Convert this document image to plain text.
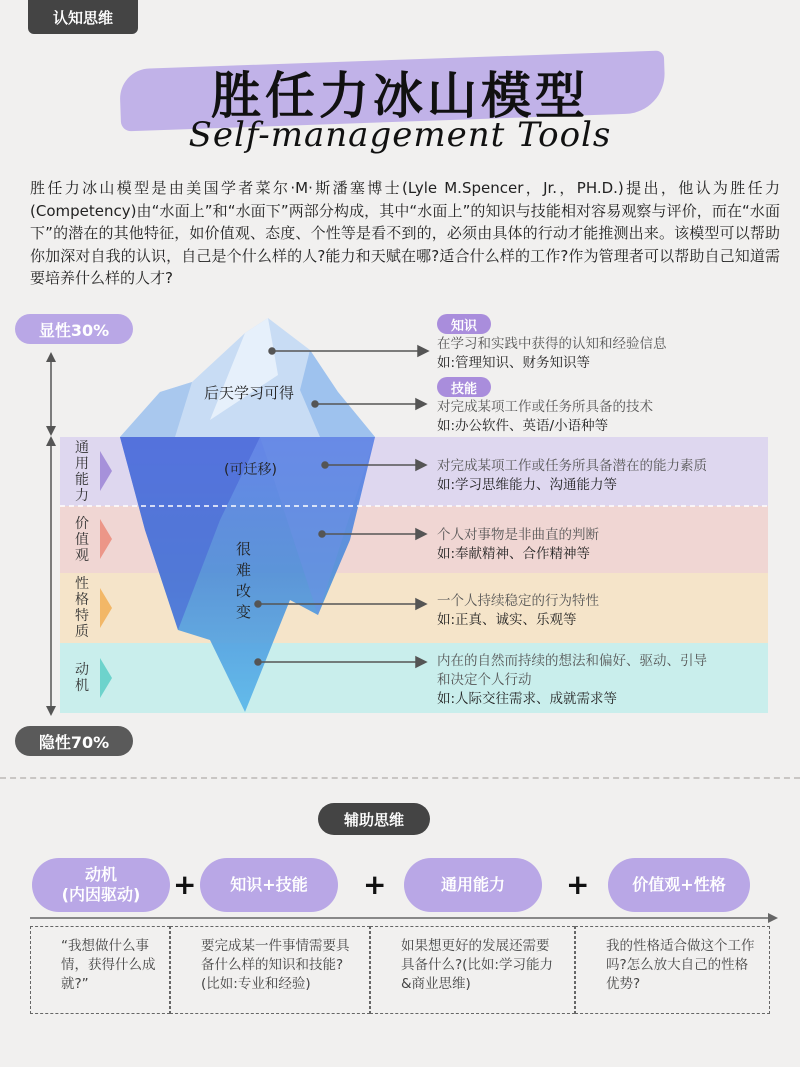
认知思维
胜任力冰山模型
Self-management Tools
胜任力冰山模型是由美国学者菜尔·M·斯潘塞博士(Lyle M.Spencer，Jr.，PH.D.)提出，他认为胜任力(Competency)由“水面上”和“水面下”两部分构成，其中“水面上”的知识与技能相对容易观察与评价，而在“水面下”的潜在的其他特征，如价值观、态度、个性等是看不到的，必须由具体的行动才能推测出来。该模型可以帮助你加深对自我的认识，自己是个什么样的人?能力和天赋在哪?适合什么样的工作?作为管理者可以帮助自己知道需要培养什么样的人才?
通
用
能
力
价
值
观
性
格
特
质
动
机
显性30%
隐性70%
后天学习可得
(可迁移)
很
难
改
变
知识
在学习和实践中获得的认知和经验信息
如:管理知识、财务知识等
技能
对完成某项工作或任务所具备的技术
如:办公软件、英语/小语种等
对完成某项工作或任务所具备潜在的能力素质
如:学习思维能力、沟通能力等
个人对事物是非曲直的判断
如:奉献精神、合作精神等
一个人持续稳定的行为特性
如:正真、诚实、乐观等
内在的自然而持续的想法和偏好、驱动、引导和决定个人行动
如:人际交往需求、成就需求等
辅助思维
动机
(内因驱动)	+	知识+技能	+	通用能力	+	价值观+性格
“我想做什么事情，获得什么成就?”
要完成某一件事情需要具备什么样的知识和技能?(比如:专业和经验)
如果想更好的发展还需要具备什么?(比如:学习能力&商业思维)
我的性格适合做这个工作吗?怎么放大自己的性格优势?
